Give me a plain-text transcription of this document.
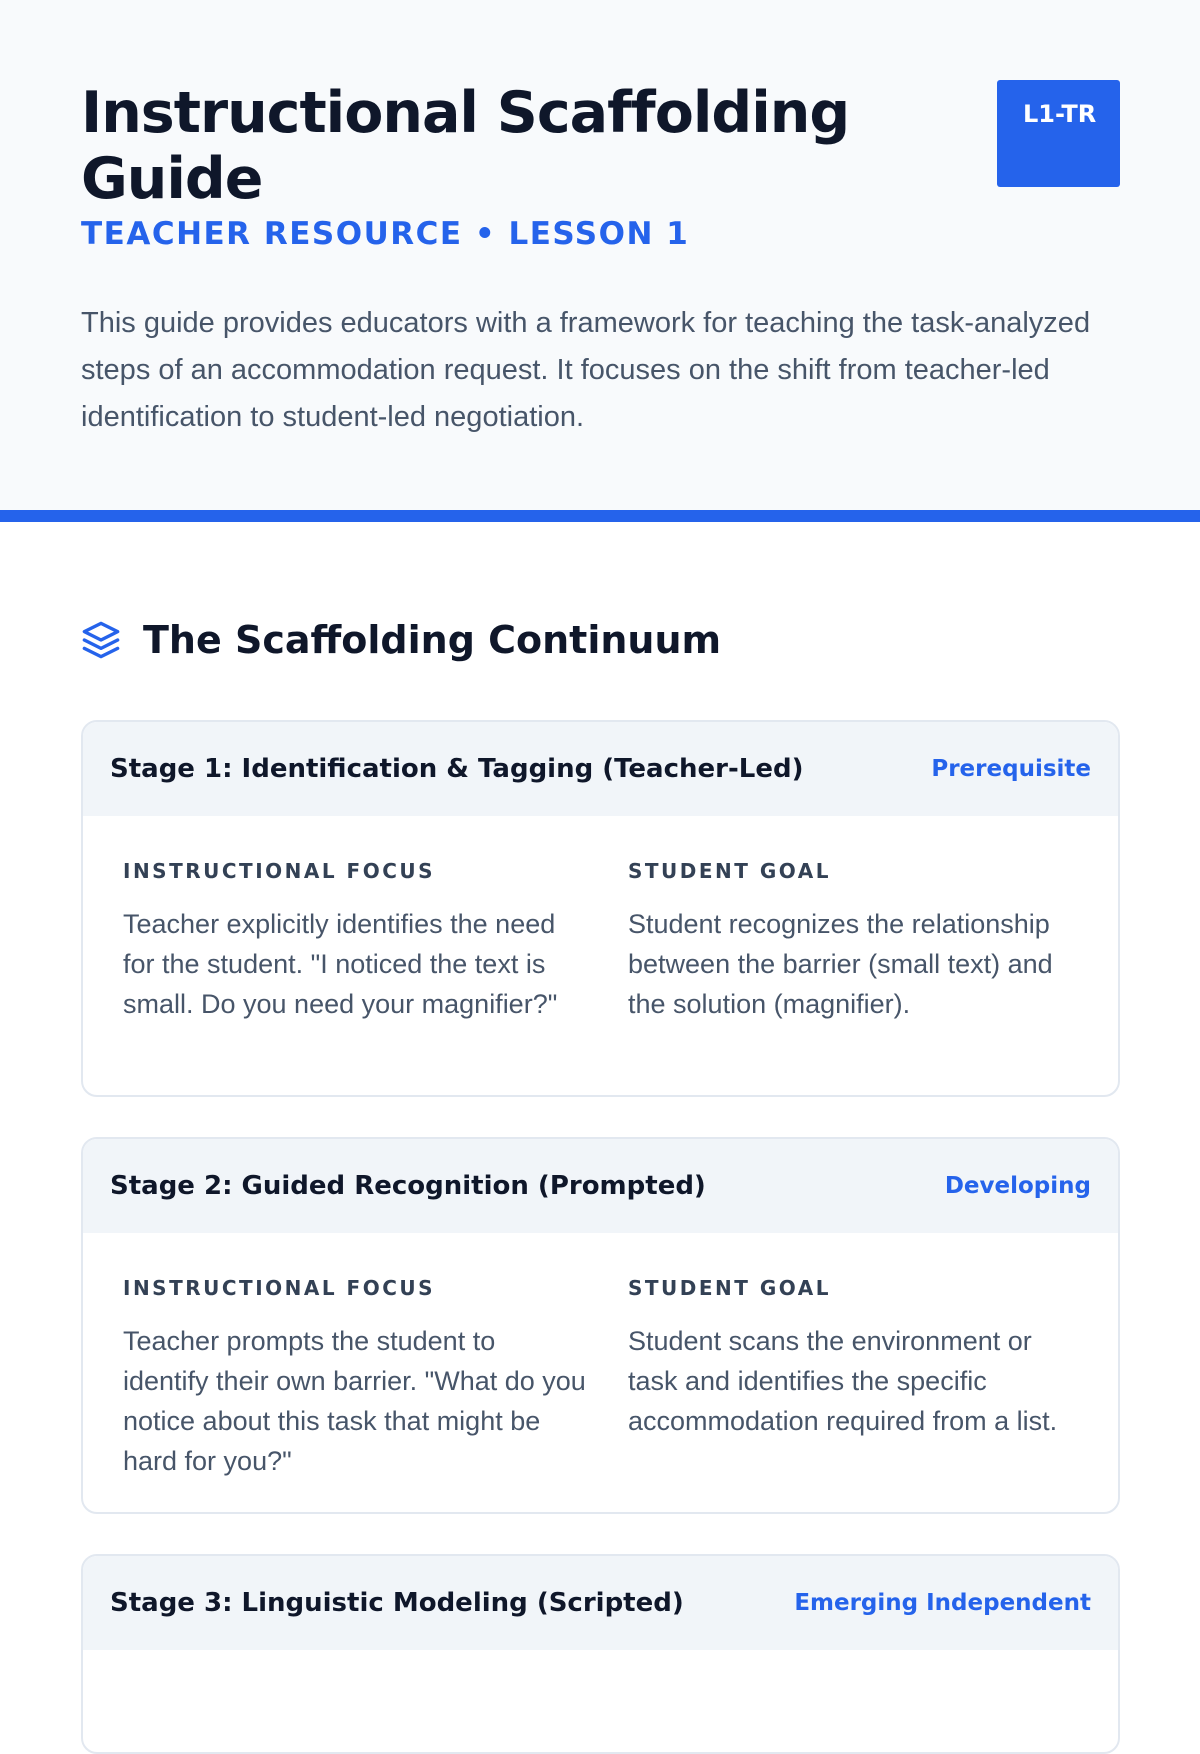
Instructional Scaffolding Guide
L1-TR
TEACHER RESOURCE • LESSON 1

This guide provides educators with a framework for teaching the task-analyzed steps of an accommodation request. It focuses on the shift from teacher-led identification to student-led negotiation.

The Scaffolding Continuum
Stage 1: Identification & Tagging (Teacher-Led)	Prerequisite
INSTRUCTIONAL FOCUS

Teacher explicitly identifies the need for the student. "I noticed the text is small. Do you need your magnifier?"

STUDENT GOAL

Student recognizes the relationship between the barrier (small text) and the solution (magnifier).

Stage 2: Guided Recognition (Prompted)	Developing
INSTRUCTIONAL FOCUS

Teacher prompts the student to identify their own barrier. "What do you notice about this task that might be hard for you?"

STUDENT GOAL

Student scans the environment or task and identifies the specific accommodation required from a list.

Stage 3: Linguistic Modeling (Scripted)	Emerging Independent
